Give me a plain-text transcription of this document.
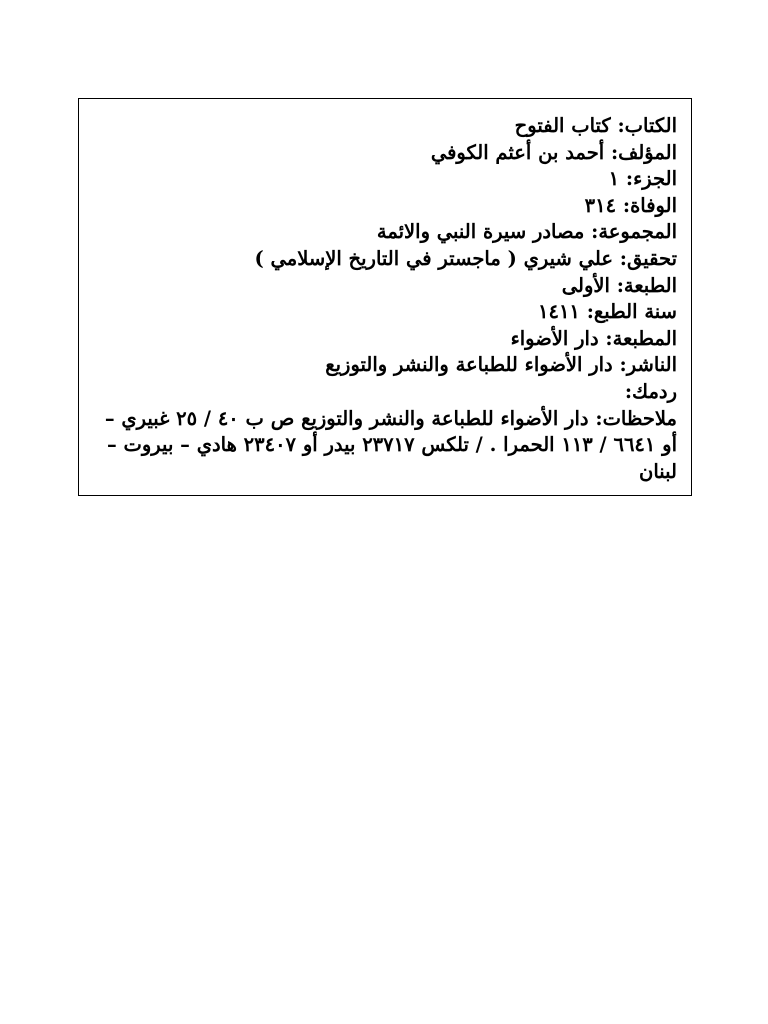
الكتاب: كتاب الفتوح

المؤلف: أحمد بن أعثم الكوفي

الجزء: ١

الوفاة: ٣١٤

المجموعة: مصادر سيرة النبي والائمة

تحقيق: علي شيري ( ماجستر في التاريخ الإسلامي )

الطبعة: الأولى

سنة الطبع: ١٤١١

المطبعة: دار الأضواء

الناشر: دار الأضواء للطباعة والنشر والتوزيع

ردمك:

ملاحظات: دار الأضواء للطباعة والنشر والتوزيع ص ب ٤٠ / ٢٥ غبيري – أو ٦٦٤١ / ١١٣ الحمرا . / تلكس ٢٣٧١٧ بيدر أو ٢٣٤٠٧ هادي – بيروت – لبنان
